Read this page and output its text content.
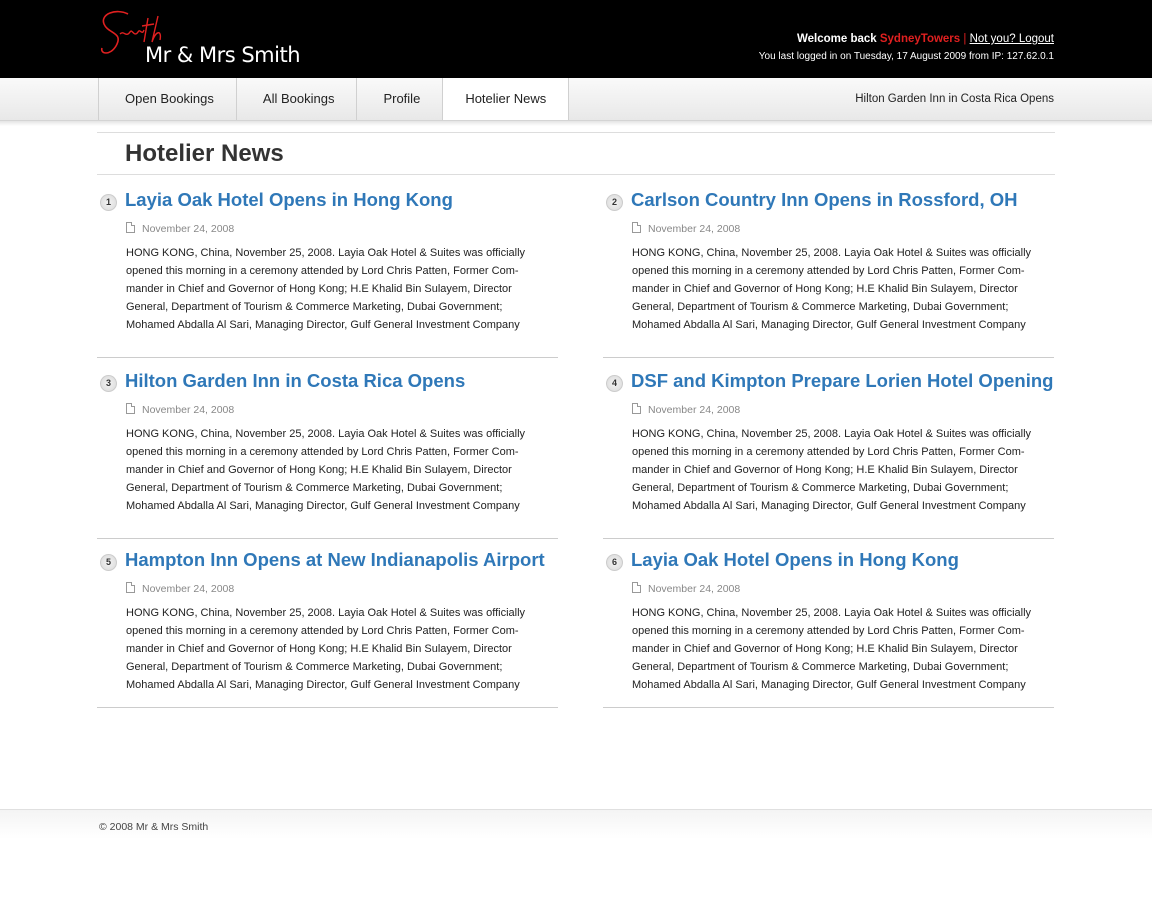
Smith
Mr & Mrs Smith
Welcome back SydneyTowers | Not you? Logout
You last logged in on Tuesday, 17 August 2009 from IP: 127.62.0.1
Open Bookings	All Bookings	Profile	Hotelier News	Hilton Garden Inn in Costa Rica Opens
Hotelier News
1 Layia Oak Hotel Opens in Hong Kong
November 24, 2008
HONG KONG, China, November 25, 2008. Layia Oak Hotel & Suites was officially
opened this morning in a ceremony attended by Lord Chris Patten, Former Com-
mander in Chief and Governor of Hong Kong; H.E Khalid Bin Sulayem, Director
General, Department of Tourism & Commerce Marketing, Dubai Government;
Mohamed Abdalla Al Sari, Managing Director, Gulf General Investment Company
2 Carlson Country Inn Opens in Rossford, OH
November 24, 2008
HONG KONG, China, November 25, 2008. Layia Oak Hotel & Suites was officially
opened this morning in a ceremony attended by Lord Chris Patten, Former Com-
mander in Chief and Governor of Hong Kong; H.E Khalid Bin Sulayem, Director
General, Department of Tourism & Commerce Marketing, Dubai Government;
Mohamed Abdalla Al Sari, Managing Director, Gulf General Investment Company
3 Hilton Garden Inn in Costa Rica Opens
November 24, 2008
HONG KONG, China, November 25, 2008. Layia Oak Hotel & Suites was officially
opened this morning in a ceremony attended by Lord Chris Patten, Former Com-
mander in Chief and Governor of Hong Kong; H.E Khalid Bin Sulayem, Director
General, Department of Tourism & Commerce Marketing, Dubai Government;
Mohamed Abdalla Al Sari, Managing Director, Gulf General Investment Company
4 DSF and Kimpton Prepare Lorien Hotel Opening
November 24, 2008
HONG KONG, China, November 25, 2008. Layia Oak Hotel & Suites was officially
opened this morning in a ceremony attended by Lord Chris Patten, Former Com-
mander in Chief and Governor of Hong Kong; H.E Khalid Bin Sulayem, Director
General, Department of Tourism & Commerce Marketing, Dubai Government;
Mohamed Abdalla Al Sari, Managing Director, Gulf General Investment Company
5 Hampton Inn Opens at New Indianapolis Airport
November 24, 2008
HONG KONG, China, November 25, 2008. Layia Oak Hotel & Suites was officially
opened this morning in a ceremony attended by Lord Chris Patten, Former Com-
mander in Chief and Governor of Hong Kong; H.E Khalid Bin Sulayem, Director
General, Department of Tourism & Commerce Marketing, Dubai Government;
Mohamed Abdalla Al Sari, Managing Director, Gulf General Investment Company
6 Layia Oak Hotel Opens in Hong Kong
November 24, 2008
HONG KONG, China, November 25, 2008. Layia Oak Hotel & Suites was officially
opened this morning in a ceremony attended by Lord Chris Patten, Former Com-
mander in Chief and Governor of Hong Kong; H.E Khalid Bin Sulayem, Director
General, Department of Tourism & Commerce Marketing, Dubai Government;
Mohamed Abdalla Al Sari, Managing Director, Gulf General Investment Company
© 2008 Mr & Mrs Smith
